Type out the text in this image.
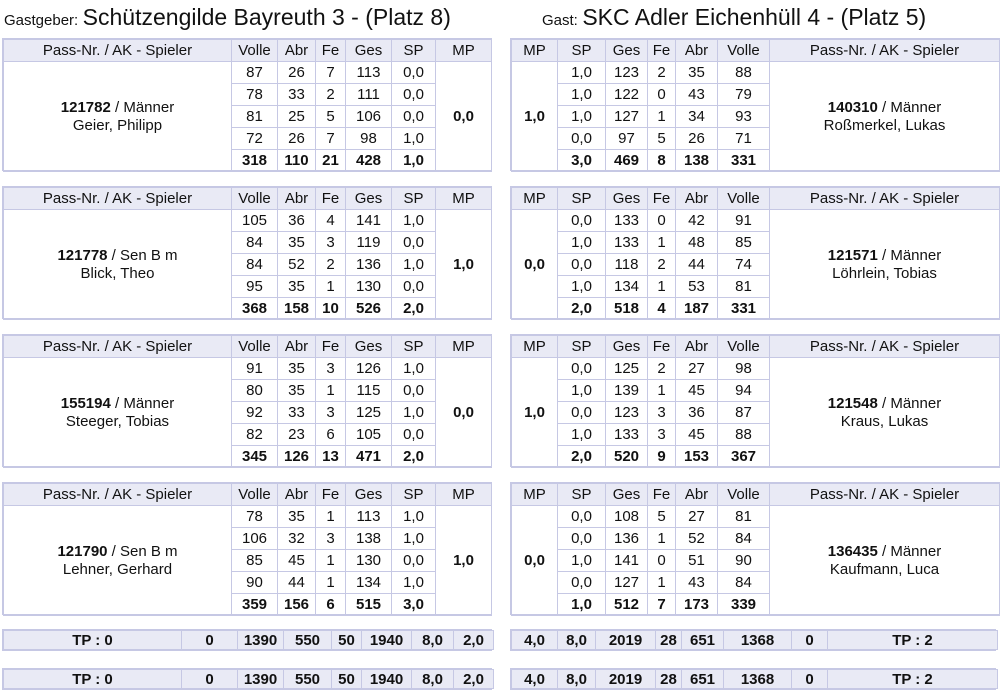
Gastgeber: Schützengilde Bayreuth 3 - (Platz 8)	Gast: SKC Adler Eichenhüll 4 - (Platz 5)
Pass-Nr. / AK - Spieler	Volle	Abr	Fe	Ges	SP	MP
121782 / Männer
Geier, Philipp	87	26	7	113	0,0	0,0
	78	33	2	111	0,0	
	81	25	5	106	0,0	
	72	26	7	98	1,0	
	318	110	21	428	1,0	
MP	SP	Ges	Fe	Abr	Volle	Pass-Nr. / AK - Spieler
1,0	1,0	123	2	35	88	140310 / Männer
Roßmerkel, Lukas
	1,0	122	0	43	79	
	1,0	127	1	34	93	
	0,0	97	5	26	71	
	3,0	469	8	138	331	
Pass-Nr. / AK - Spieler	Volle	Abr	Fe	Ges	SP	MP
121778 / Sen B m
Blick, Theo	105	36	4	141	1,0	1,0
	84	35	3	119	0,0	
	84	52	2	136	1,0	
	95	35	1	130	0,0	
	368	158	10	526	2,0	
MP	SP	Ges	Fe	Abr	Volle	Pass-Nr. / AK - Spieler
0,0	0,0	133	0	42	91	121571 / Männer
Löhrlein, Tobias
	1,0	133	1	48	85	
	0,0	118	2	44	74	
	1,0	134	1	53	81	
	2,0	518	4	187	331	
Pass-Nr. / AK - Spieler	Volle	Abr	Fe	Ges	SP	MP
155194 / Männer
Steeger, Tobias	91	35	3	126	1,0	0,0
	80	35	1	115	0,0	
	92	33	3	125	1,0	
	82	23	6	105	0,0	
	345	126	13	471	2,0	
MP	SP	Ges	Fe	Abr	Volle	Pass-Nr. / AK - Spieler
1,0	0,0	125	2	27	98	121548 / Männer
Kraus, Lukas
	1,0	139	1	45	94	
	0,0	123	3	36	87	
	1,0	133	3	45	88	
	2,0	520	9	153	367	
Pass-Nr. / AK - Spieler	Volle	Abr	Fe	Ges	SP	MP
121790 / Sen B m
Lehner, Gerhard	78	35	1	113	1,0	1,0
	106	32	3	138	1,0	
	85	45	1	130	0,0	
	90	44	1	134	1,0	
	359	156	6	515	3,0	
MP	SP	Ges	Fe	Abr	Volle	Pass-Nr. / AK - Spieler
0,0	0,0	108	5	27	81	136435 / Männer
Kaufmann, Luca
	0,0	136	1	52	84	
	1,0	141	0	51	90	
	0,0	127	1	43	84	
	1,0	512	7	173	339	
TP : 0	0	1390	550	50	1940	8,0	2,0	4,0	8,0	2019	28	651	1368	0	TP : 2
TP : 0	0	1390	550	50	1940	8,0	2,0	4,0	8,0	2019	28	651	1368	0	TP : 2
